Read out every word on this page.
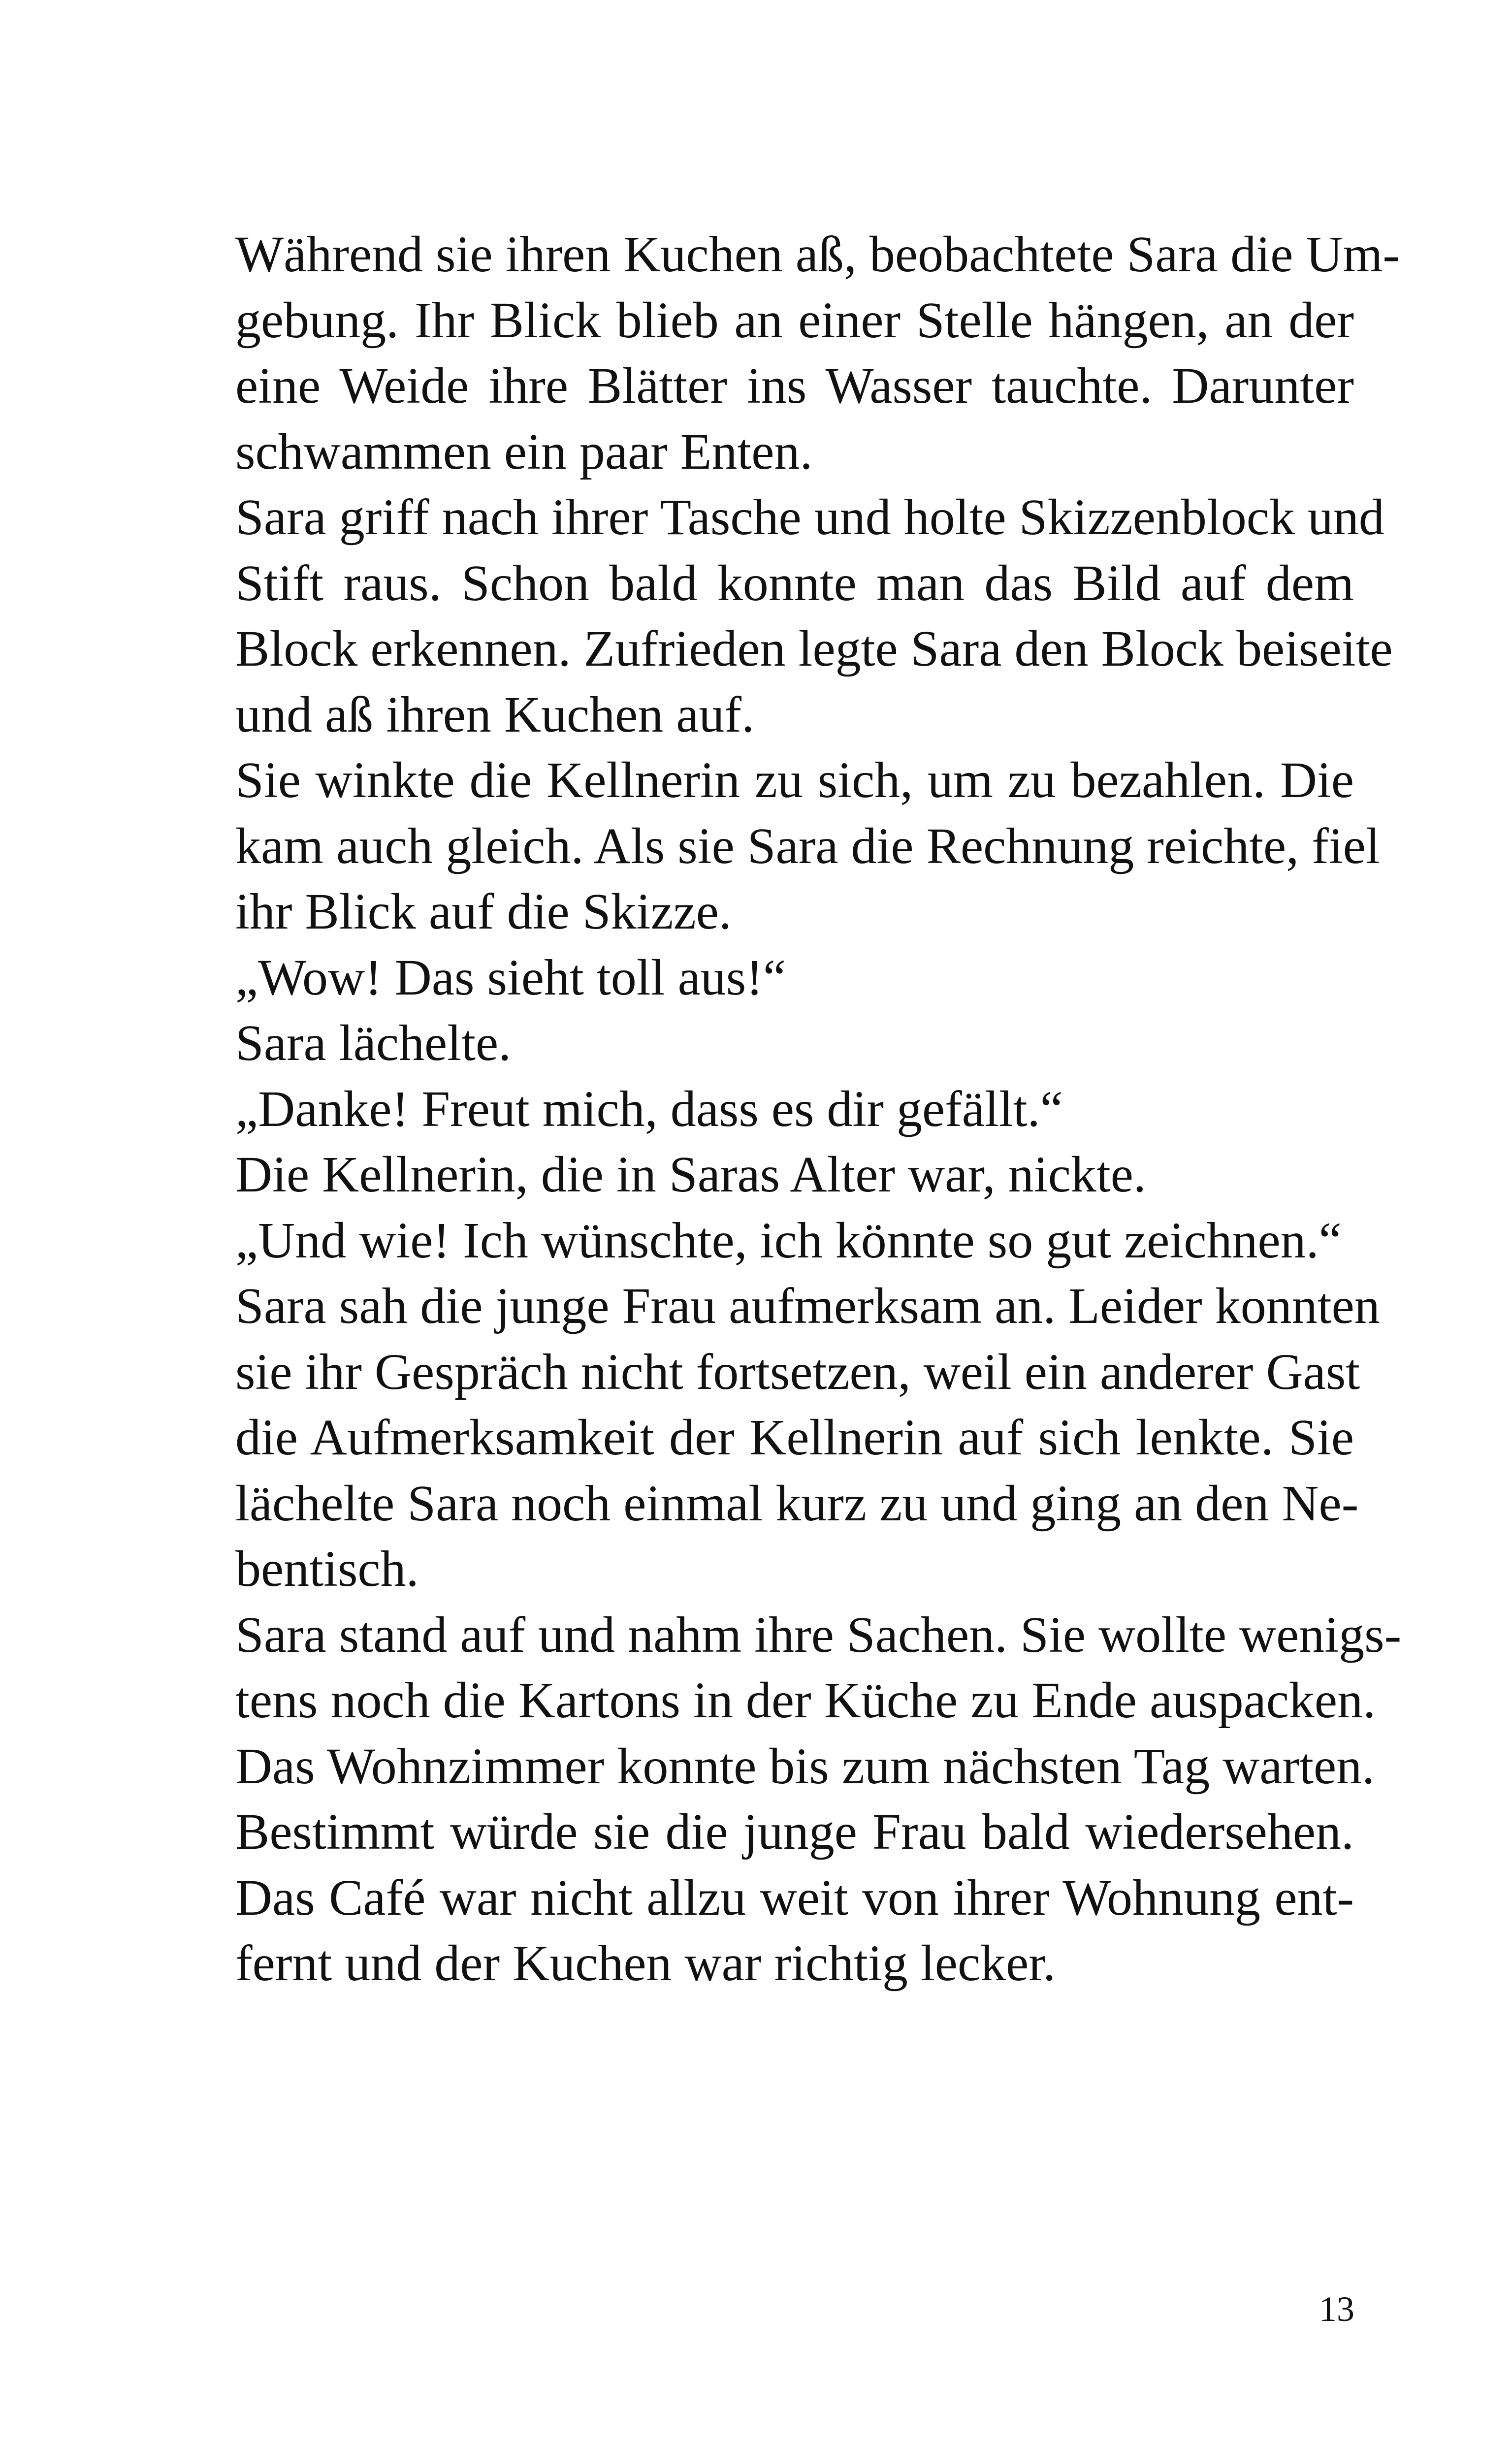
Während sie ihren Kuchen aß, beobachtete Sara die Um-
gebung. Ihr Blick blieb an einer Stelle hängen, an der
eine Weide ihre Blätter ins Wasser tauchte. Darunter
schwammen ein paar Enten.
Sara griff nach ihrer Tasche und holte Skizzenblock und
Stift raus. Schon bald konnte man das Bild auf dem
Block erkennen. Zufrieden legte Sara den Block beiseite
und aß ihren Kuchen auf.
Sie winkte die Kellnerin zu sich, um zu bezahlen. Die
kam auch gleich. Als sie Sara die Rechnung reichte, fiel
ihr Blick auf die Skizze.
„Wow! Das sieht toll aus!“
Sara lächelte.
„Danke! Freut mich, dass es dir gefällt.“
Die Kellnerin, die in Saras Alter war, nickte.
„Und wie! Ich wünschte, ich könnte so gut zeichnen.“
Sara sah die junge Frau aufmerksam an. Leider konnten
sie ihr Gespräch nicht fortsetzen, weil ein anderer Gast
die Aufmerksamkeit der Kellnerin auf sich lenkte. Sie
lächelte Sara noch einmal kurz zu und ging an den Ne-
bentisch.
Sara stand auf und nahm ihre Sachen. Sie wollte wenigs-
tens noch die Kartons in der Küche zu Ende auspacken.
Das Wohnzimmer konnte bis zum nächsten Tag warten.
Bestimmt würde sie die junge Frau bald wiedersehen.
Das Café war nicht allzu weit von ihrer Wohnung ent-
fernt und der Kuchen war richtig lecker.
13
